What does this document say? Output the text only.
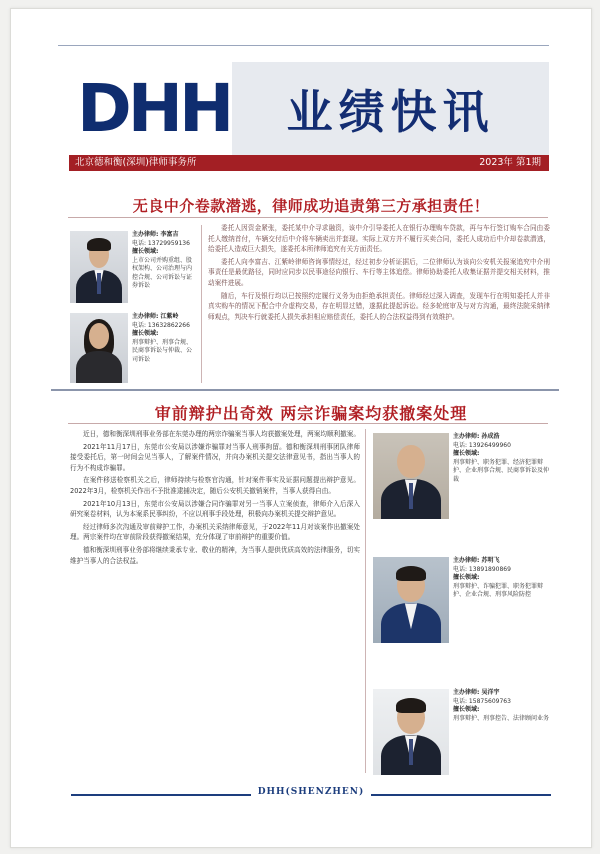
DHH 业绩快讯
北京德和衡(深圳)律师事务所	2023年 第1期
无良中介卷款潜逃，律师成功追责第三方承担责任！
主办律师: 李富吉
电话: 13729959136
擅长领域:
上市公司并购重组、股权架构、公司治理与内控合规、公司诉讼与证券诉讼
主办律师: 江紫岭
电话: 13632862266
擅长领域:
刑事辩护、刑事合规、民商事诉讼与仲裁、公司诉讼

委托人因资金紧张，委托某中介寻求融资，该中介引导委托人在银行办理购车贷款，再与车行签订购车合同由委托人缴纳首付，车辆交付后中介将车辆卖出并套现。实际上双方并不履行买卖合同，委托人成功后中介却卷款潜逃，给委托人造成巨大损失，遂委托本所律师追究有关方面责任。

委托人向李富吉、江紫岭律师咨询事情经过，经过初步分析证据后，二位律师认为该向公安机关报案追究中介刑事责任是最优路径，同时应同步以民事途径向银行、车行等主体追偿。律师协助委托人收集证据并提交相关材料，推动案件进展。

随后，车行及银行均以已按照约定履行义务为由拒绝承担责任。律师经过深入调查，发现车行在明知委托人并非真实购车的情况下配合中介虚构交易，存在明显过错，遂据此提起诉讼。经多轮庭审及与对方沟通，最终法院采纳律师观点，判决车行就委托人损失承担相应赔偿责任，委托人的合法权益得到有效维护。

审前辩护出奇效 两宗诈骗案均获撤案处理

近日，德和衡深圳刑事业务部在东莞办理的两宗诈骗案当事人均获撤案处理，两案均顺利撤案。

2021年11月17日，东莞市公安局以涉嫌诈骗罪对当事人刑事拘留。德和衡深圳刑事团队律师接受委托后，第一时间会见当事人，了解案件情况，并向办案机关提交法律意见书，指出当事人的行为不构成诈骗罪。

在案件移送检察机关之后，律师持续与检察官沟通，针对案件事实及证据问题提出辩护意见。2022年3月，检察机关作出不予批准逮捕决定，随后公安机关撤销案件，当事人获得自由。

2021年10月13日，东莞市公安局以涉嫌合同诈骗罪对另一当事人立案侦查，律师介入后深入研究案卷材料，认为本案系民事纠纷，不应以刑事手段处理，积极向办案机关提交辩护意见。

经过律师多次沟通及审前辩护工作，办案机关采纳律师意见，于2022年11月对该案作出撤案处理。两宗案件均在审前阶段获得撤案结果，充分体现了审前辩护的重要价值。

德和衡深圳刑事业务部将继续秉承专业、敬业的精神，为当事人提供优质高效的法律服务，切实维护当事人的合法权益。

主办律师: 孙成浩
电话: 13926499960
擅长领域:
刑事辩护、职务犯罪、经济犯罪辩护、企业刑事合规、民商事诉讼及仲裁
主办律师: 苏明飞
电话: 13891890869
擅长领域:
刑事辩护、诈骗犯罪、职务犯罪辩护、企业合规、刑事风险防控
主办律师: 吴洋宇
电话: 15875609763
擅长领域:
刑事辩护、刑事控告、法律顾问业务
DHH(SHENZHEN)
